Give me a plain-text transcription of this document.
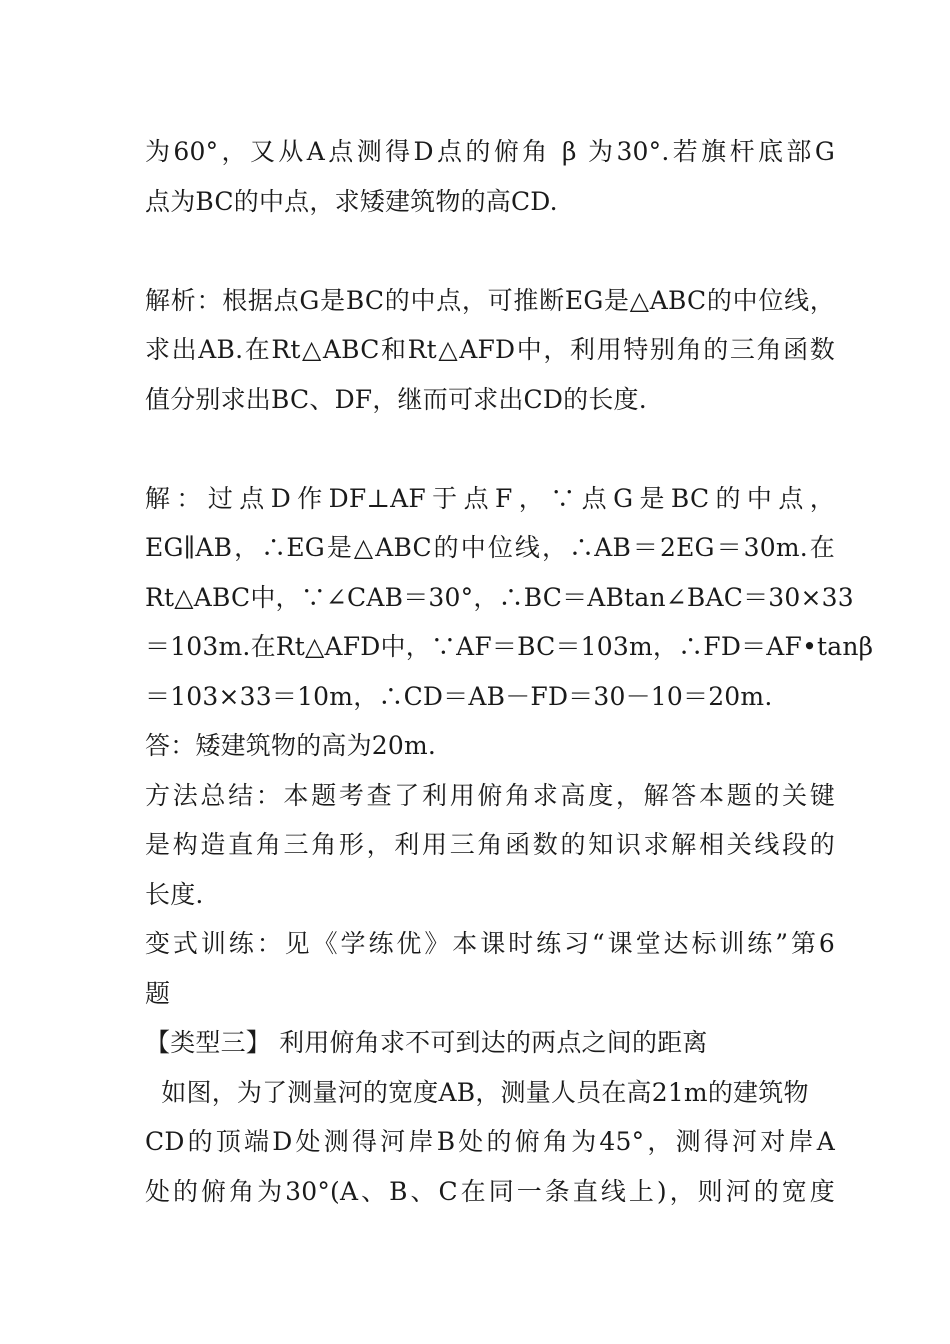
为60°，又从A点测得D点的俯角 β 为30°.若旗杆底部G
点为BC的中点，求矮建筑物的高CD.
解析：根据点G是BC的中点，可推断EG是△ABC的中位线，
求出AB.在Rt△ABC和Rt△AFD中，利用特别角的三角函数
值分别求出BC、DF，继而可求出CD的长度.
解：过点D作DF⊥AF于点F，∵点G是BC的中点，
EG∥AB，∴EG是△ABC的中位线，∴AB＝2EG＝30m.在
Rt△ABC中，∵∠CAB＝30°，∴BC＝ABtan∠BAC＝30×33
＝103m.在Rt△AFD中，∵AF＝BC＝103m，∴FD＝AF•tanβ
＝103×33＝10m，∴CD＝AB－FD＝30－10＝20m.
答：矮建筑物的高为20m.
方法总结：本题考查了利用俯角求高度，解答本题的关键
是构造直角三角形，利用三角函数的知识求解相关线段的
长度.
变式训练：见《学练优》本课时练习“课堂达标训练”第6
题
【类型三】 利用俯角求不可到达的两点之间的距离
如图，为了测量河的宽度AB，测量人员在高21m的建筑物
CD的顶端D处测得河岸B处的俯角为45°，测得河对岸A
处的俯角为30°(A、B、C在同一条直线上)，则河的宽度
